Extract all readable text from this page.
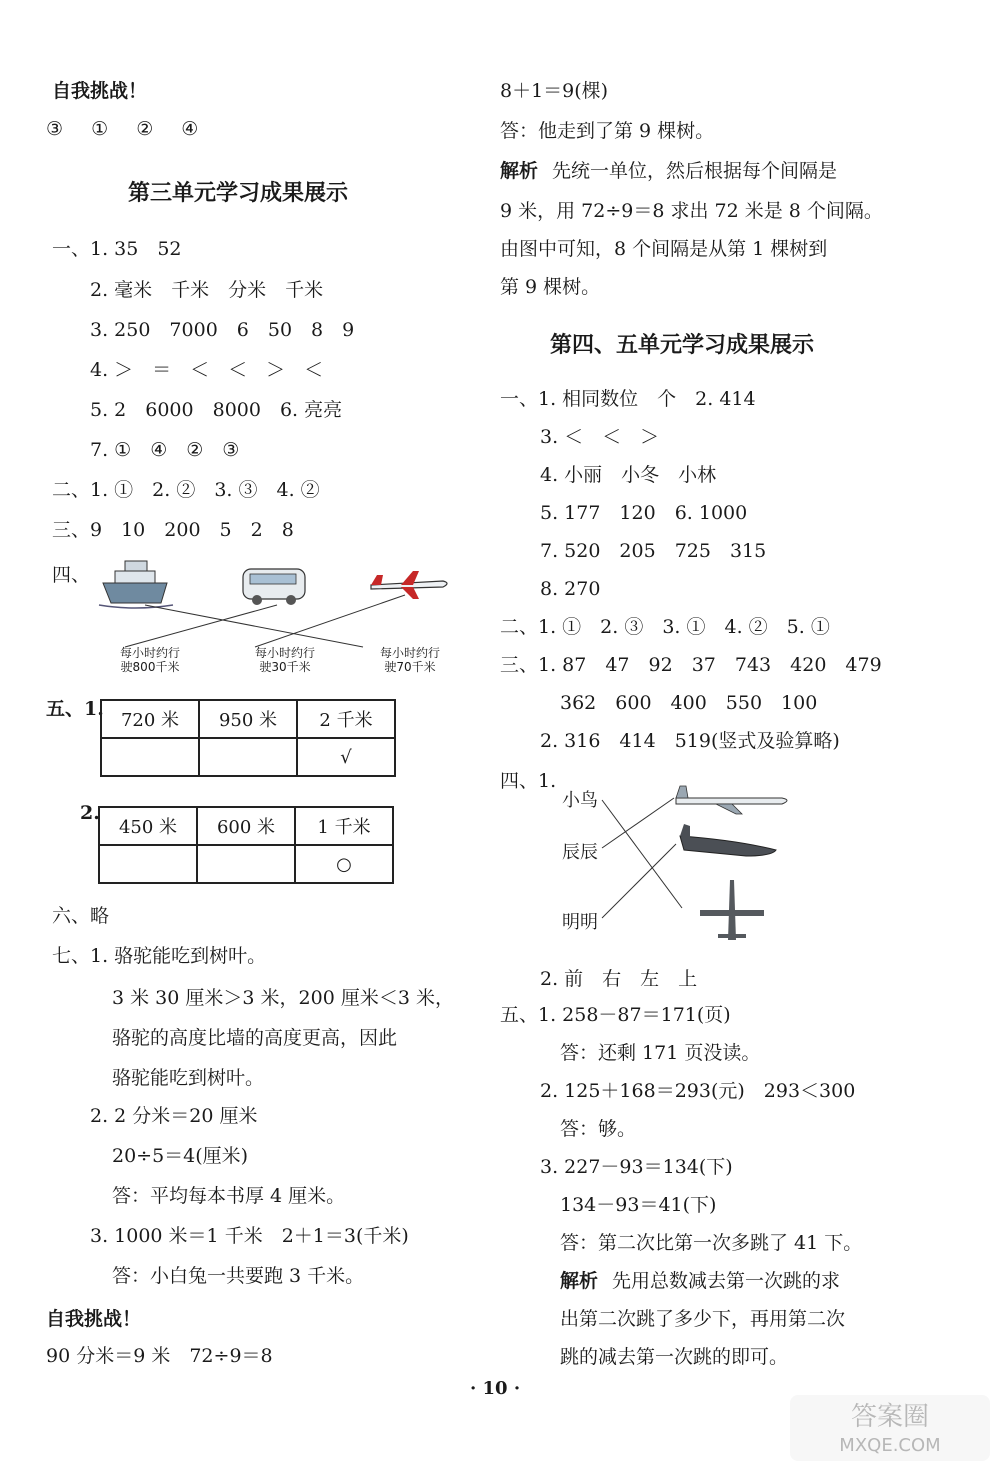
自我挑战！
③ ① ② ④
第三单元学习成果展示
一、1. 35　52
2. 毫米　千米　分米　千米
3. 250　7000　6　50　8　9
4. ＞　＝　＜　＜　＞　＜
5. 2　6000　8000　6. 亮亮
7. ①　④　②　③
二、1. ①　2. ②　3. ③　4. ②
三、9　10　200　5　2　8
四、
每小时约行
驶800千米
每小时约行
驶30千米
每小时约行
驶70千米
五、1.
720 米	950 米	2 千米
		√
2.
450 米	600 米	1 千米
		○
六、略
七、1. 骆驼能吃到树叶。
3 米 30 厘米＞3 米，200 厘米＜3 米，
骆驼的高度比墙的高度更高，因此
骆驼能吃到树叶。
2. 2 分米＝20 厘米
20÷5＝4(厘米)
答：平均每本书厚 4 厘米。
3. 1000 米＝1 千米　2＋1＝3(千米)
答：小白兔一共要跑 3 千米。
自我挑战！
90 分米＝9 米　72÷9＝8
8＋1＝9(棵)
答：他走到了第 9 棵树。
解析 先统一单位，然后根据每个间隔是
9 米，用 72÷9＝8 求出 72 米是 8 个间隔。
由图中可知，8 个间隔是从第 1 棵树到
第 9 棵树。
第四、五单元学习成果展示
一、1. 相同数位　个　2. 414
3. ＜　＜　＞
4. 小丽　小冬　小林
5. 177　120　6. 1000
7. 520　205　725　315
8. 270
二、1. ①　2. ③　3. ①　4. ②　5. ①
三、1. 87　47　92　37　743　420　479
362　600　400　550　100
2. 316　414　519(竖式及验算略)
四、1.
小鸟
辰辰
明明
2. 前　右　左　上
五、1. 258－87＝171(页)
答：还剩 171 页没读。
2. 125＋168＝293(元)　293＜300
答：够。
3. 227－93＝134(下)
134－93＝41(下)
答：第二次比第一次多跳了 41 下。
解析 先用总数减去第一次跳的求
出第二次跳了多少下，再用第二次
跳的减去第一次跳的即可。
· 10 ·
答案圈
MXQE.COM
